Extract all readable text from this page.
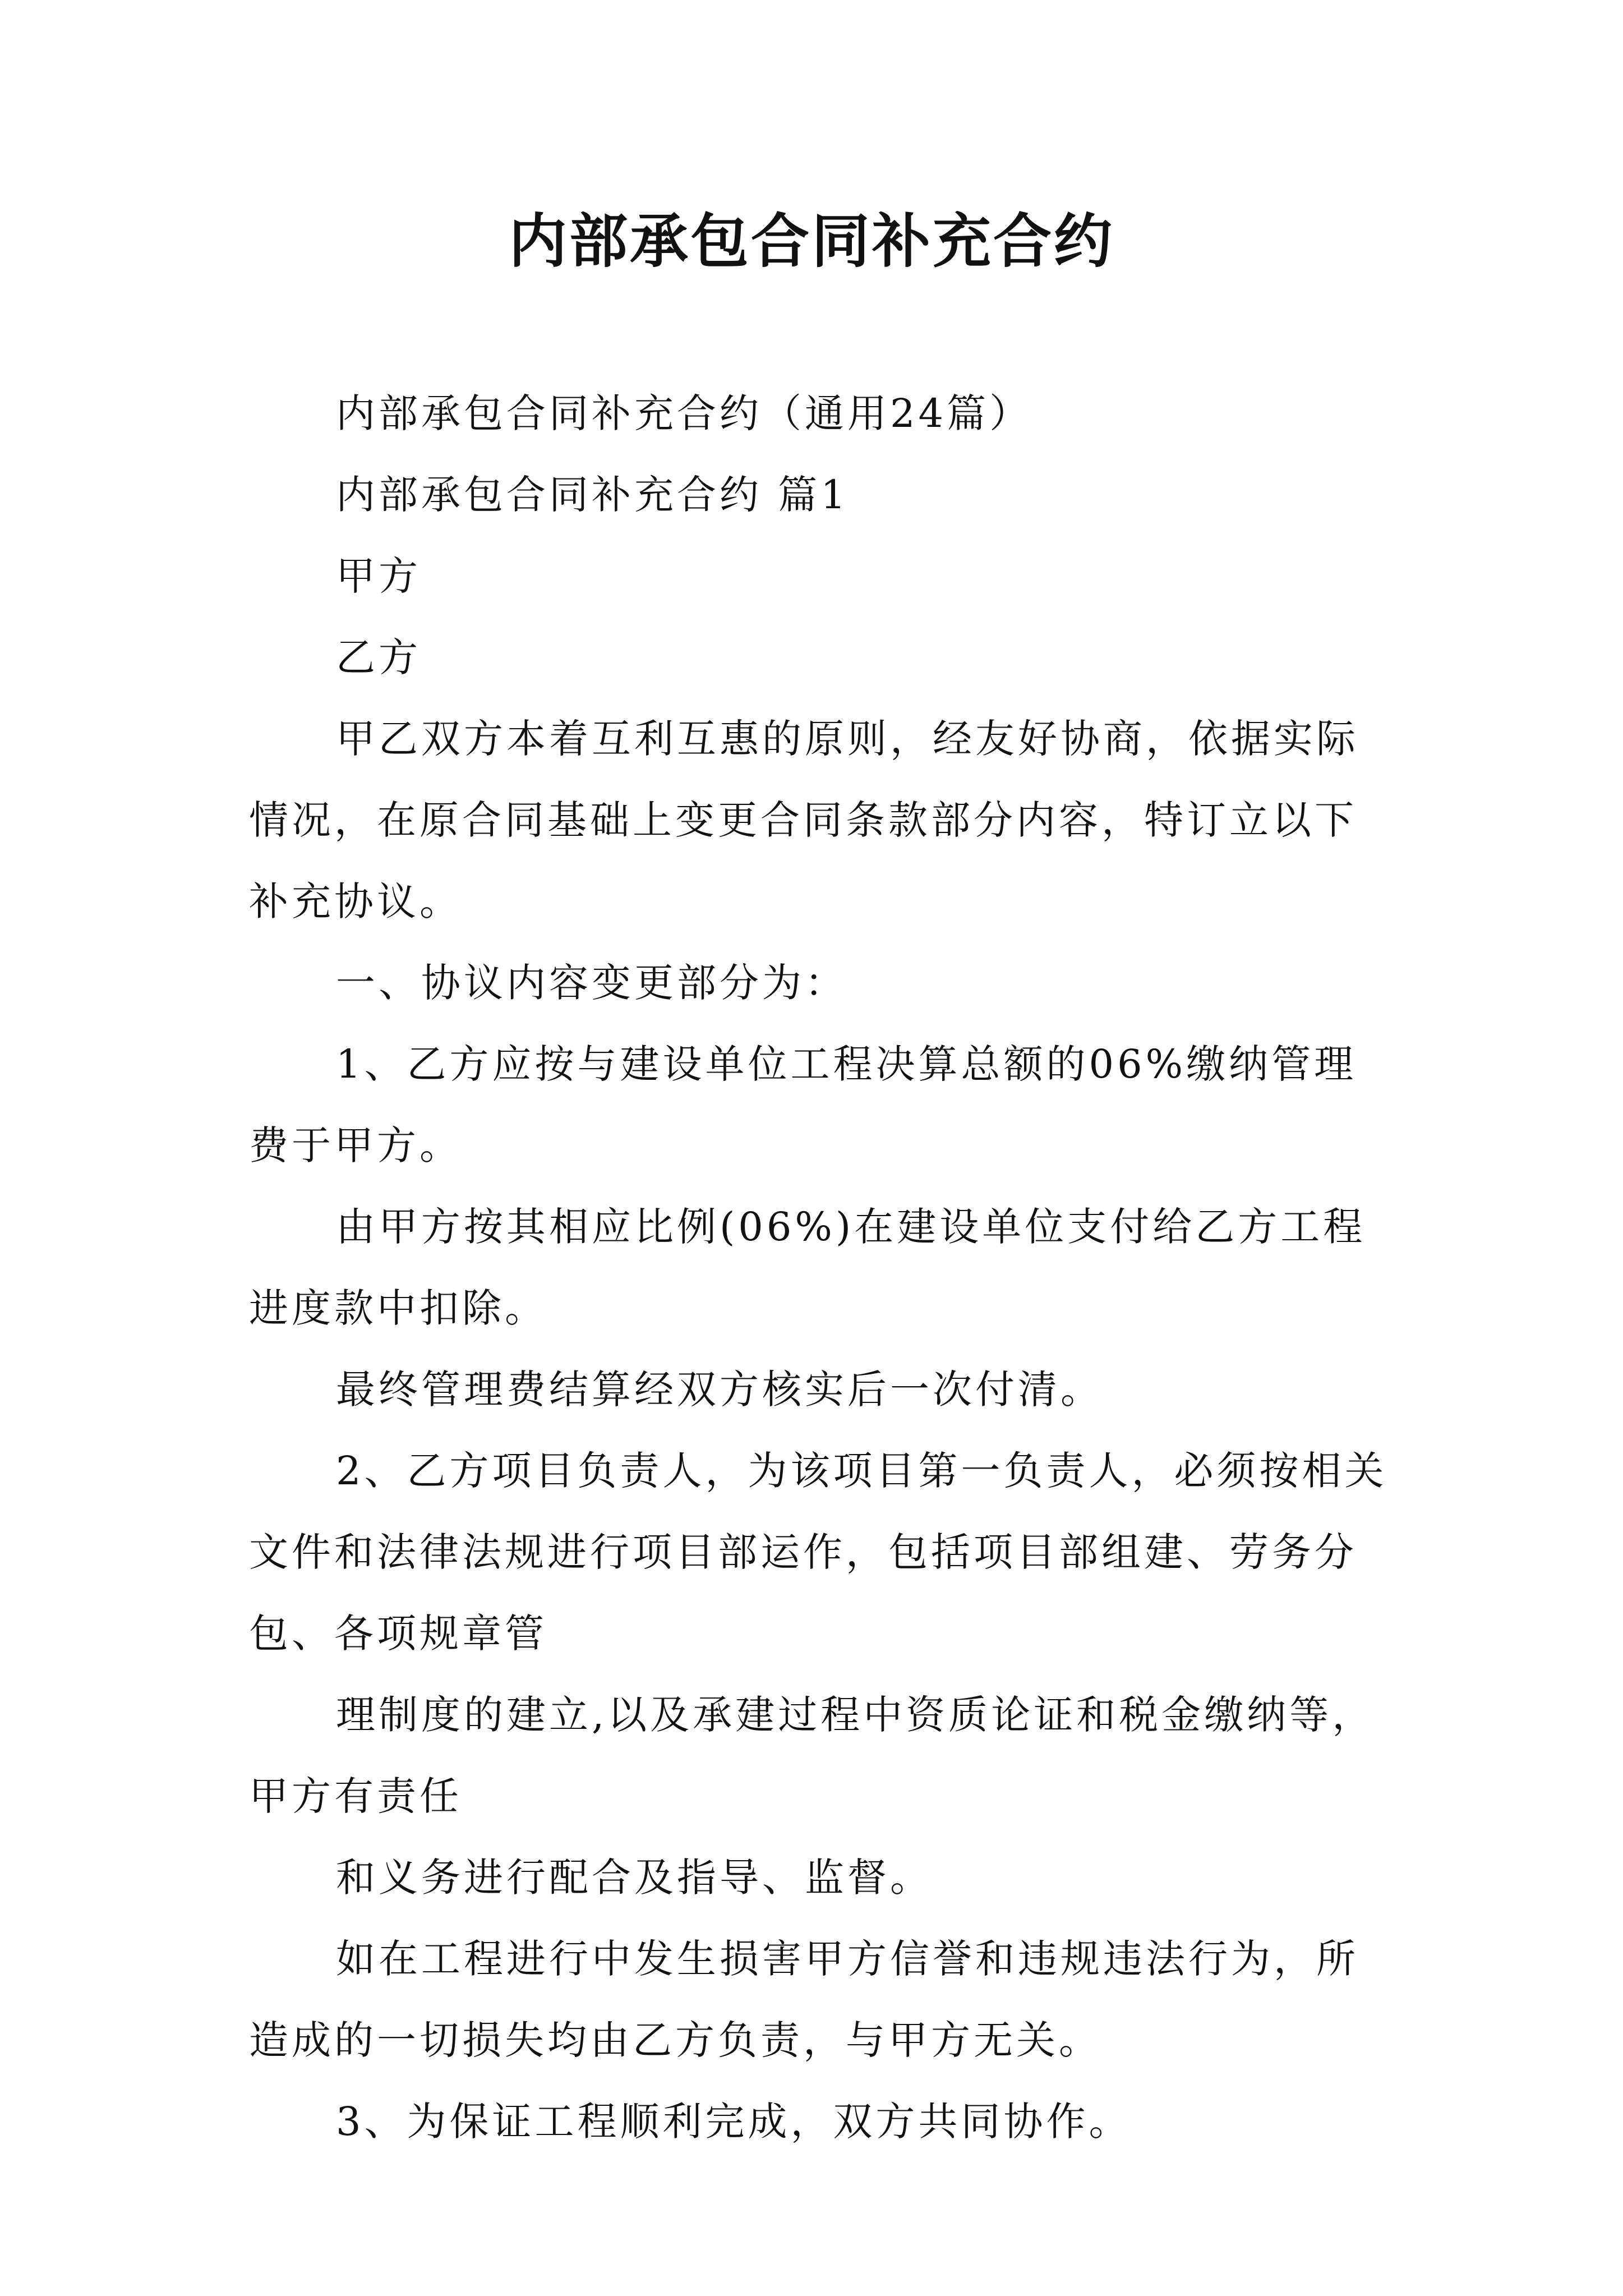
内部承包合同补充合约

内部承包合同补充合约（通用24篇）

内部承包合同补充合约 篇1

甲方

乙方

甲乙双方本着互利互惠的原则，经友好协商，依据实际情况，在原合同基础上变更合同条款部分内容，特订立以下补充协议。

一、协议内容变更部分为：

1、乙方应按与建设单位工程决算总额的06%缴纳管理费于甲方。

由甲方按其相应比例(06%)在建设单位支付给乙方工程进度款中扣除。

最终管理费结算经双方核实后一次付清。

2、乙方项目负责人，为该项目第一负责人，必须按相关文件和法律法规进行项目部运作，包括项目部组建、劳务分包、各项规章管

理制度的建立,以及承建过程中资质论证和税金缴纳等，甲方有责任

和义务进行配合及指导、监督。

如在工程进行中发生损害甲方信誉和违规违法行为，所造成的一切损失均由乙方负责，与甲方无关。

3、为保证工程顺利完成，双方共同协作。
